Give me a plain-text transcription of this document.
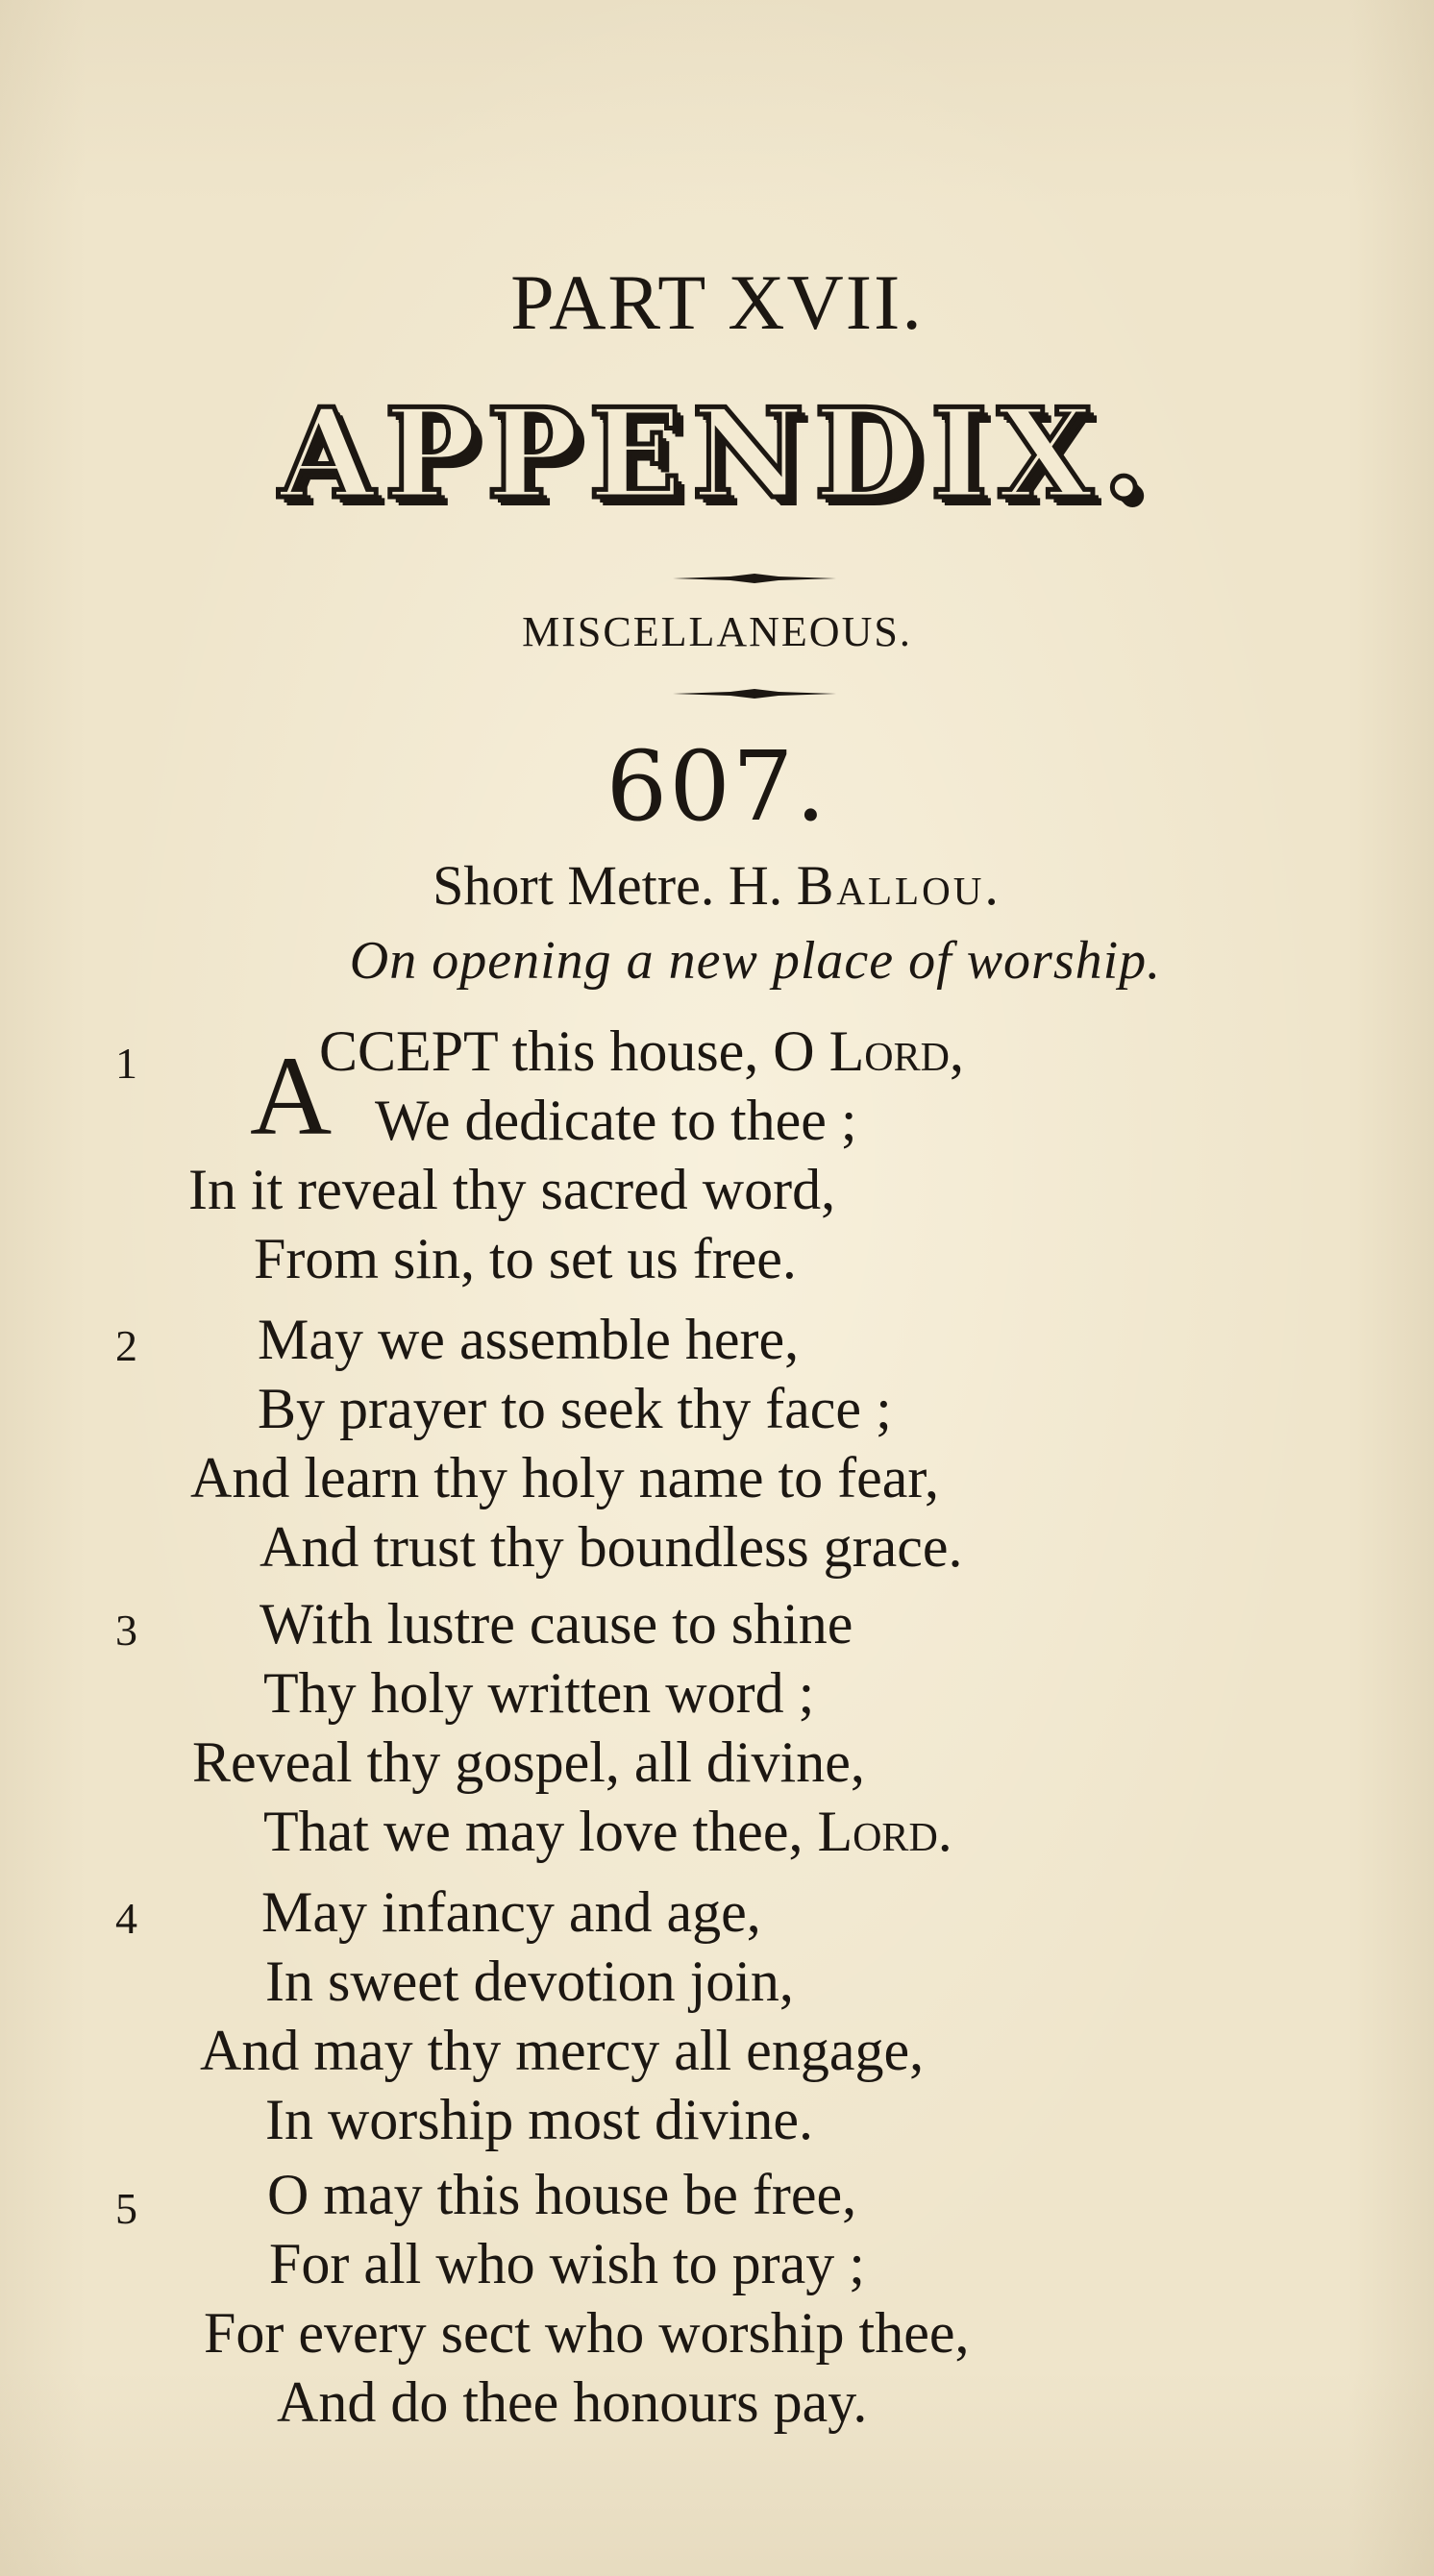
PART XVII.
APPENDIX.
MISCELLANEOUS.
607.
Short Metre. H. Ballou.
On opening a new place of worship.
1 A
CCEPT this house, O Lord,
We dedicate to thee ;
In it reveal thy sacred word,
From sin, to set us free.
2 May we assemble here,
By prayer to seek thy face ;
And learn thy holy name to fear,
And trust thy boundless grace.
3 With lustre cause to shine
Thy holy written word ;
Reveal thy gospel, all divine,
That we may love thee, Lord.
4 May infancy and age,
In sweet devotion join,
And may thy mercy all engage,
In worship most divine.
5 O may this house be free,
For all who wish to pray ;
For every sect who worship thee,
And do thee honours pay.
